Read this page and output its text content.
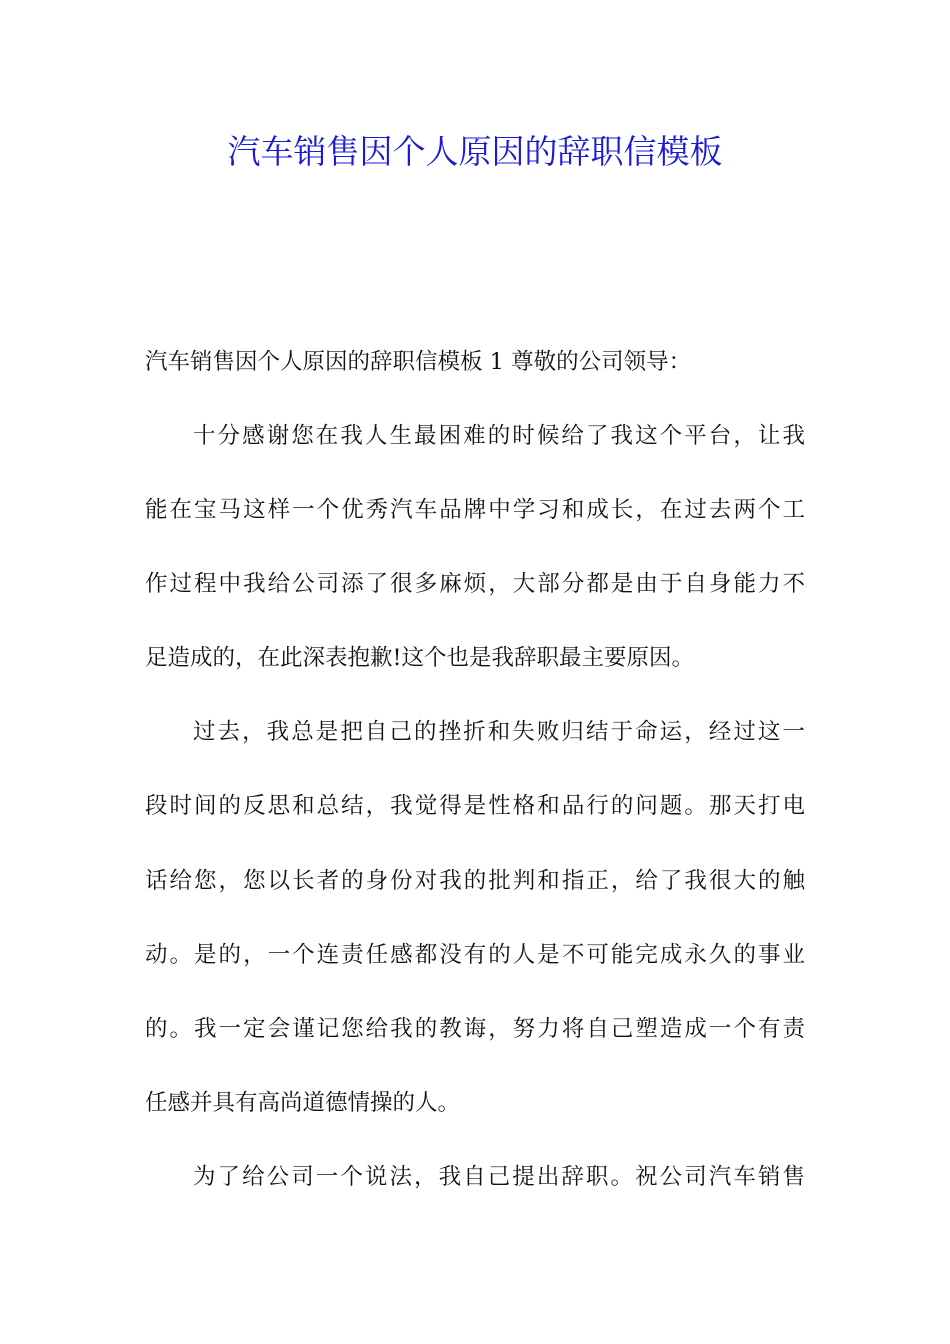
汽车销售因个人原因的辞职信模板

汽车销售因个人原因的辞职信模板 1 尊敬的公司领导：

十分感谢您在我人生最困难的时候给了我这个平台，让我

能在宝马这样一个优秀汽车品牌中学习和成长，在过去两个工

作过程中我给公司添了很多麻烦，大部分都是由于自身能力不

足造成的，在此深表抱歉!这个也是我辞职最主要原因。

过去，我总是把自己的挫折和失败归结于命运，经过这一

段时间的反思和总结，我觉得是性格和品行的问题。那天打电

话给您，您以长者的身份对我的批判和指正，给了我很大的触

动。是的，一个连责任感都没有的人是不可能完成永久的事业

的。我一定会谨记您给我的教诲，努力将自己塑造成一个有责

任感并具有高尚道德情操的人。

为了给公司一个说法，我自己提出辞职。祝公司汽车销售
